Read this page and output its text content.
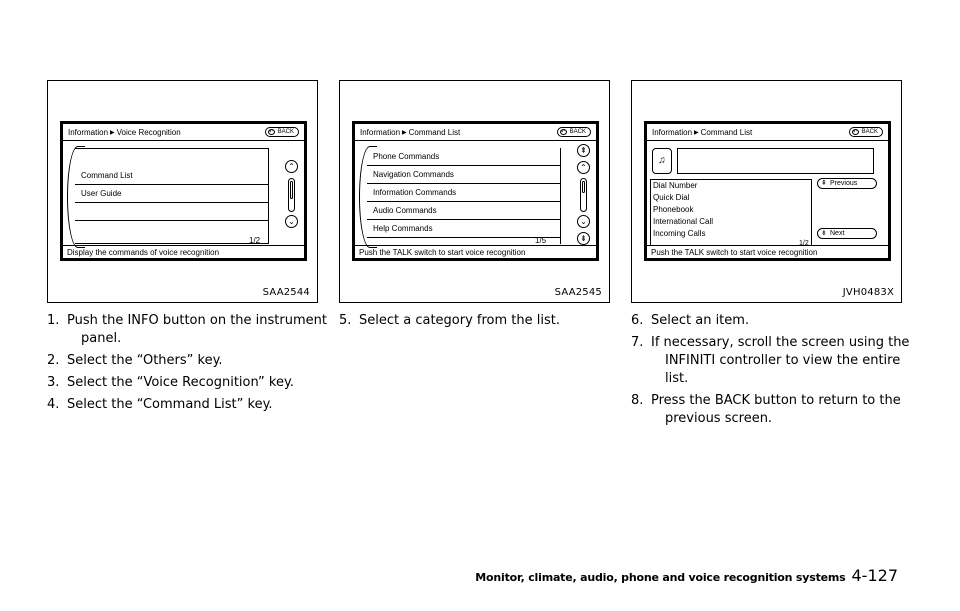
Information ▶ Voice Recognition	↶ BACK
Command List
User Guide
⌃
⌄
1/2
Display the commands of voice recognition
SAA2544
Information ▶ Command List	↶ BACK
Phone Commands
Navigation Commands
Information Commands
Audio Commands
Help Commands
⇞
⌃
⌄
⇟
1/5
Push the TALK switch to start voice recognition
SAA2545
Information ▶ Command List	↶ BACK
♫
Dial Number
Quick Dial
Phonebook
International Call
Incoming Calls
⇞ Previous
⇟ Next
1/2
Push the TALK switch to start voice recognition
JVH0483X
1. Push the INFO button on the instrument
panel.
2. Select the “Others” key.
3. Select the “Voice Recognition” key.
4. Select the “Command List” key.
5. Select a category from the list.	6. Select an item.
7. If necessary, scroll the screen using the
INFINITI controller to view the entire list.
8. Press the BACK button to return to the
previous screen.
Monitor, climate, audio, phone and voice recognition systems 4-127
